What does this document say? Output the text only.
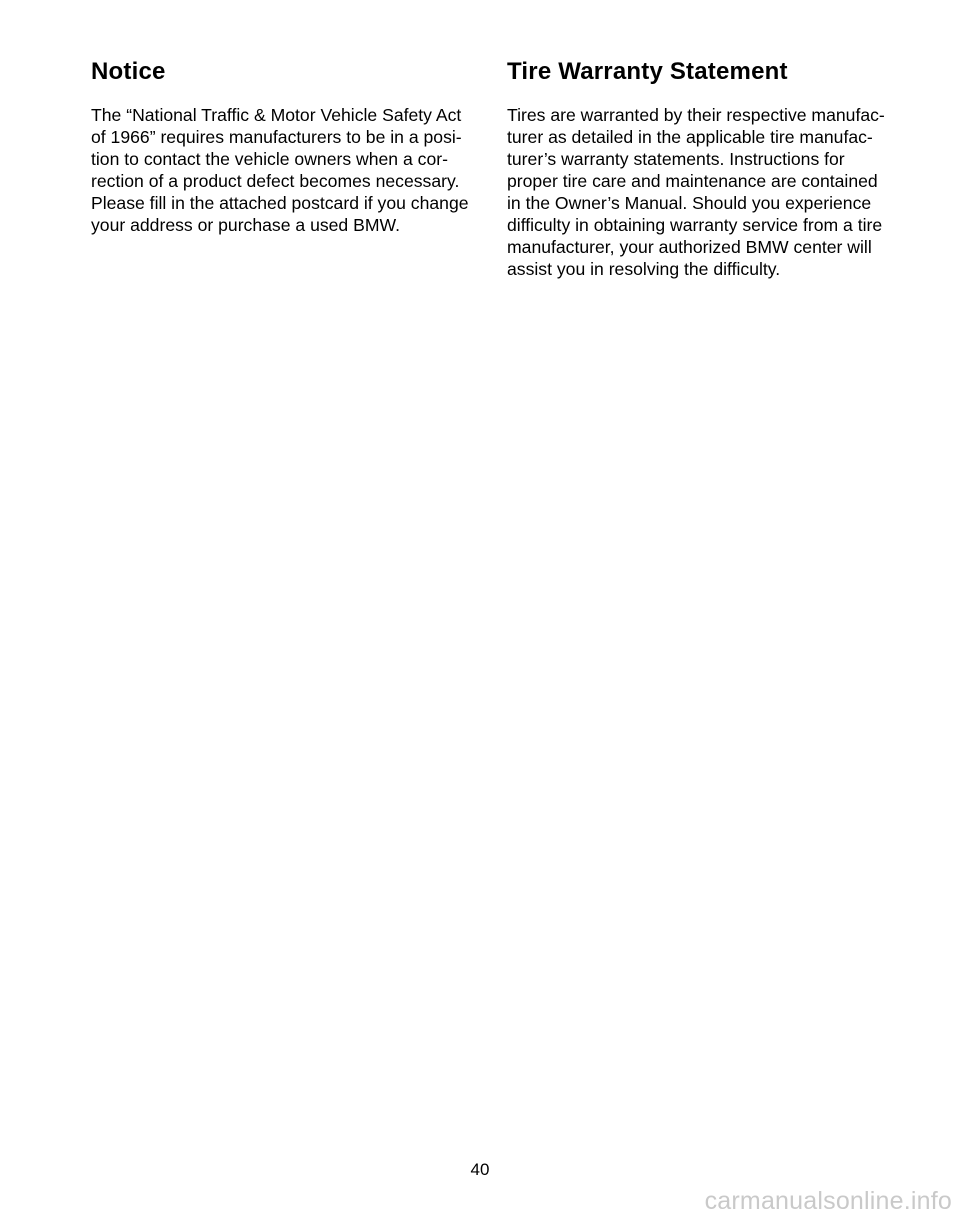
Notice
The “National Traffic & Motor Vehicle Safety Act
of 1966” requires manufacturers to be in a posi-
tion to contact the vehicle owners when a cor-
rection of a product defect becomes necessary.
Please fill in the attached postcard if you change
your address or purchase a used BMW.
Tire Warranty Statement
Tires are warranted by their respective manufac-
turer as detailed in the applicable tire manufac-
turer’s warranty statements. Instructions for
proper tire care and maintenance are contained
in the Owner’s Manual. Should you experience
difficulty in obtaining warranty service from a tire
manufacturer, your authorized BMW center will
assist you in resolving the difficulty.
40
carmanualsonline.info
